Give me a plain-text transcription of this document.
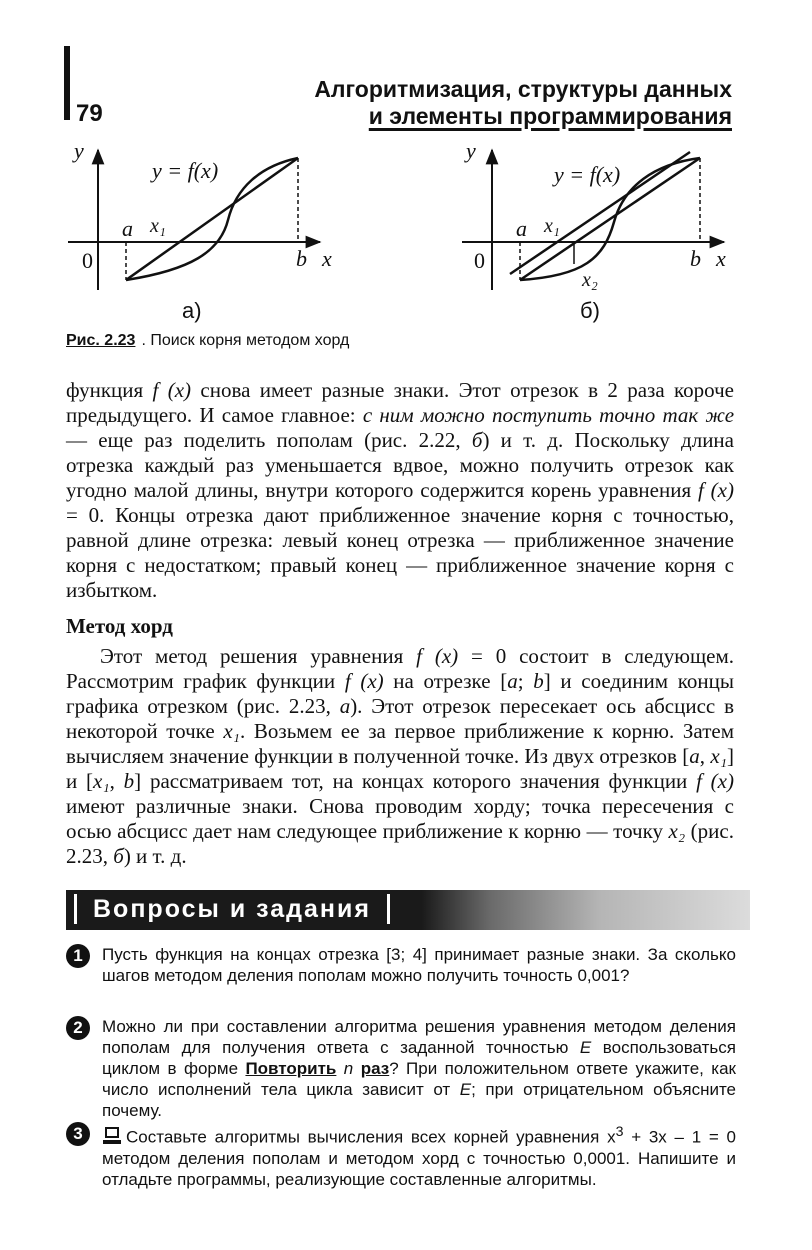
79
Алгоритмизация, структуры данных
и элементы программирования
y
y = f(x)
x₁
a
b x
0
а)
y
y = f(x)
x₁
x₂
a
b x
0
б)
Рис. 2.23 . Поиск корня методом хорд

функция f (x) снова имеет разные знаки. Этот отрезок в 2 раза короче предыдущего. И самое главное: с ним можно поступить точно так же — еще раз поделить пополам (рис. 2.22, б) и т. д. Поскольку длина отрезка каждый раз уменьшается вдвое, можно получить отрезок как угодно малой длины, внутри которого содержится корень уравнения f (x) = 0. Концы отрезка дают приближенное значение корня с точностью, равной длине отрезка: левый конец отрезка — приближенное значение корня с недостатком; правый конец — приближенное значение корня с избытком.

Метод хорд

Этот метод решения уравнения f (x) = 0 состоит в следующем. Рассмотрим график функции f (x) на отрезке [a; b] и соединим концы графика отрезком (рис. 2.23, а). Этот отрезок пересекает ось абсцисс в некоторой точке x₁. Возьмем ее за первое приближение к корню. Затем вычисляем значение функции в полученной точке. Из двух отрезков [a, x₁] и [x₁, b] рассматриваем тот, на концах которого значения функции f (x) имеют различные знаки. Снова проводим хорду; точка пересечения с осью абсцисс дает нам следующее приближение к корню — точку x₂ (рис. 2.23, б) и т. д.

Вопросы и задания
1	Пусть функция на концах отрезка [3; 4] принимает разные знаки. За сколько шагов методом деления пополам можно получить точность 0,001?
2	Можно ли при составлении алгоритма решения уравнения методом деления пополам для получения ответа с заданной точностью E воспользоваться циклом в форме Повторить n раз? При положительном ответе укажите, как число исполнений тела цикла зависит от E; при отрицательном объясните почему.
3	Составьте алгоритмы вычисления всех корней уравнения $x^3 + 3x - 1 = 0$ методом деления пополам и методом хорд с точностью 0,0001. Напишите и отладьте программы, реализующие составленные алгоритмы.
